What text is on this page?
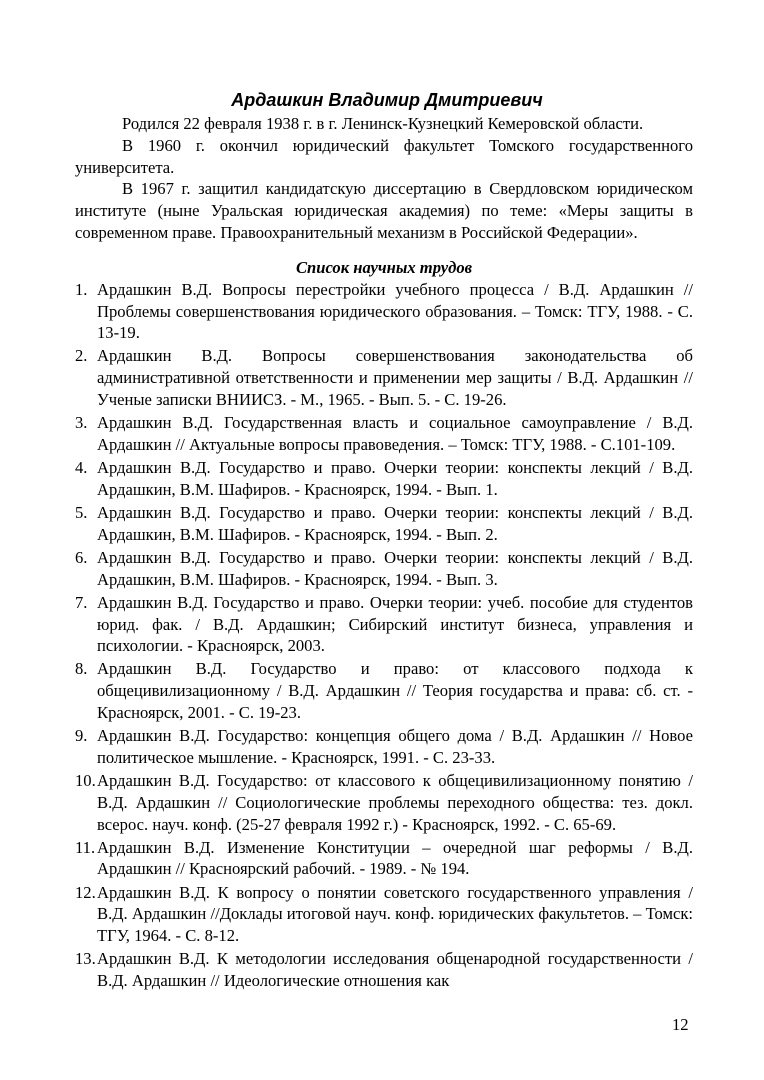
Ардашкин Владимир Дмитриевич

Родился 22 февраля 1938 г. в г. Ленинск-Кузнецкий Кемеровской области.

В 1960 г. окончил юридический факультет Томского государственного университета.

В 1967 г. защитил кандидатскую диссертацию в Свердловском юридическом институте (ныне Уральская юридическая академия) по теме: «Меры защиты в современном праве. Правоохранительный механизм в Российской Федерации».

Список научных трудов
1. Ардашкин В.Д. Вопросы перестройки учебного процесса / В.Д. Ардашкин // Проблемы совершенствования юридического образования. – Томск: ТГУ, 1988. - С. 13-19.
2. Ардашкин В.Д. Вопросы совершенствования законодательства об административной ответственности и применении мер защиты / В.Д. Ардашкин // Ученые записки ВНИИСЗ. - М., 1965. - Вып. 5. - С. 19-26.
3. Ардашкин В.Д. Государственная власть и социальное самоуправление / В.Д. Ардашкин // Актуальные вопросы правоведения. – Томск: ТГУ, 1988. - С.101-109.
4. Ардашкин В.Д. Государство и право. Очерки теории: конспекты лекций / В.Д. Ардашкин, В.М. Шафиров. - Красноярск, 1994. - Вып. 1.
5. Ардашкин В.Д. Государство и право. Очерки теории: конспекты лекций / В.Д. Ардашкин, В.М. Шафиров. - Красноярск, 1994. - Вып. 2.
6. Ардашкин В.Д. Государство и право. Очерки теории: конспекты лекций / В.Д. Ардашкин, В.М. Шафиров. - Красноярск, 1994. - Вып. 3.
7. Ардашкин В.Д. Государство и право. Очерки теории: учеб. пособие для студентов юрид. фак. / В.Д. Ардашкин; Сибирский институт бизнеса, управления и психологии. - Красноярск, 2003.
8. Ардашкин В.Д. Государство и право: от классового подхода к общецивилизационному / В.Д. Ардашкин // Теория государства и права: сб. ст. - Красноярск, 2001. - С. 19-23.
9. Ардашкин В.Д. Государство: концепция общего дома / В.Д. Ардашкин // Новое политическое мышление. - Красноярск, 1991. - С. 23-33.
10. Ардашкин В.Д. Государство: от классового к общецивилизационному понятию / В.Д. Ардашкин // Социологические проблемы переходного общества: тез. докл. всерос. науч. конф. (25-27 февраля 1992 г.) - Красноярск, 1992. - С. 65-69.
11. Ардашкин В.Д. Изменение Конституции – очередной шаг реформы / В.Д. Ардашкин // Красноярский рабочий. - 1989. - № 194.
12. Ардашкин В.Д. К вопросу о понятии советского государственного управления / В.Д. Ардашкин //Доклады итоговой науч. конф. юридических факультетов. – Томск: ТГУ, 1964. - С. 8-12.
13. Ардашкин В.Д. К методологии исследования общенародной государственности / В.Д. Ардашкин // Идеологические отношения как
12
